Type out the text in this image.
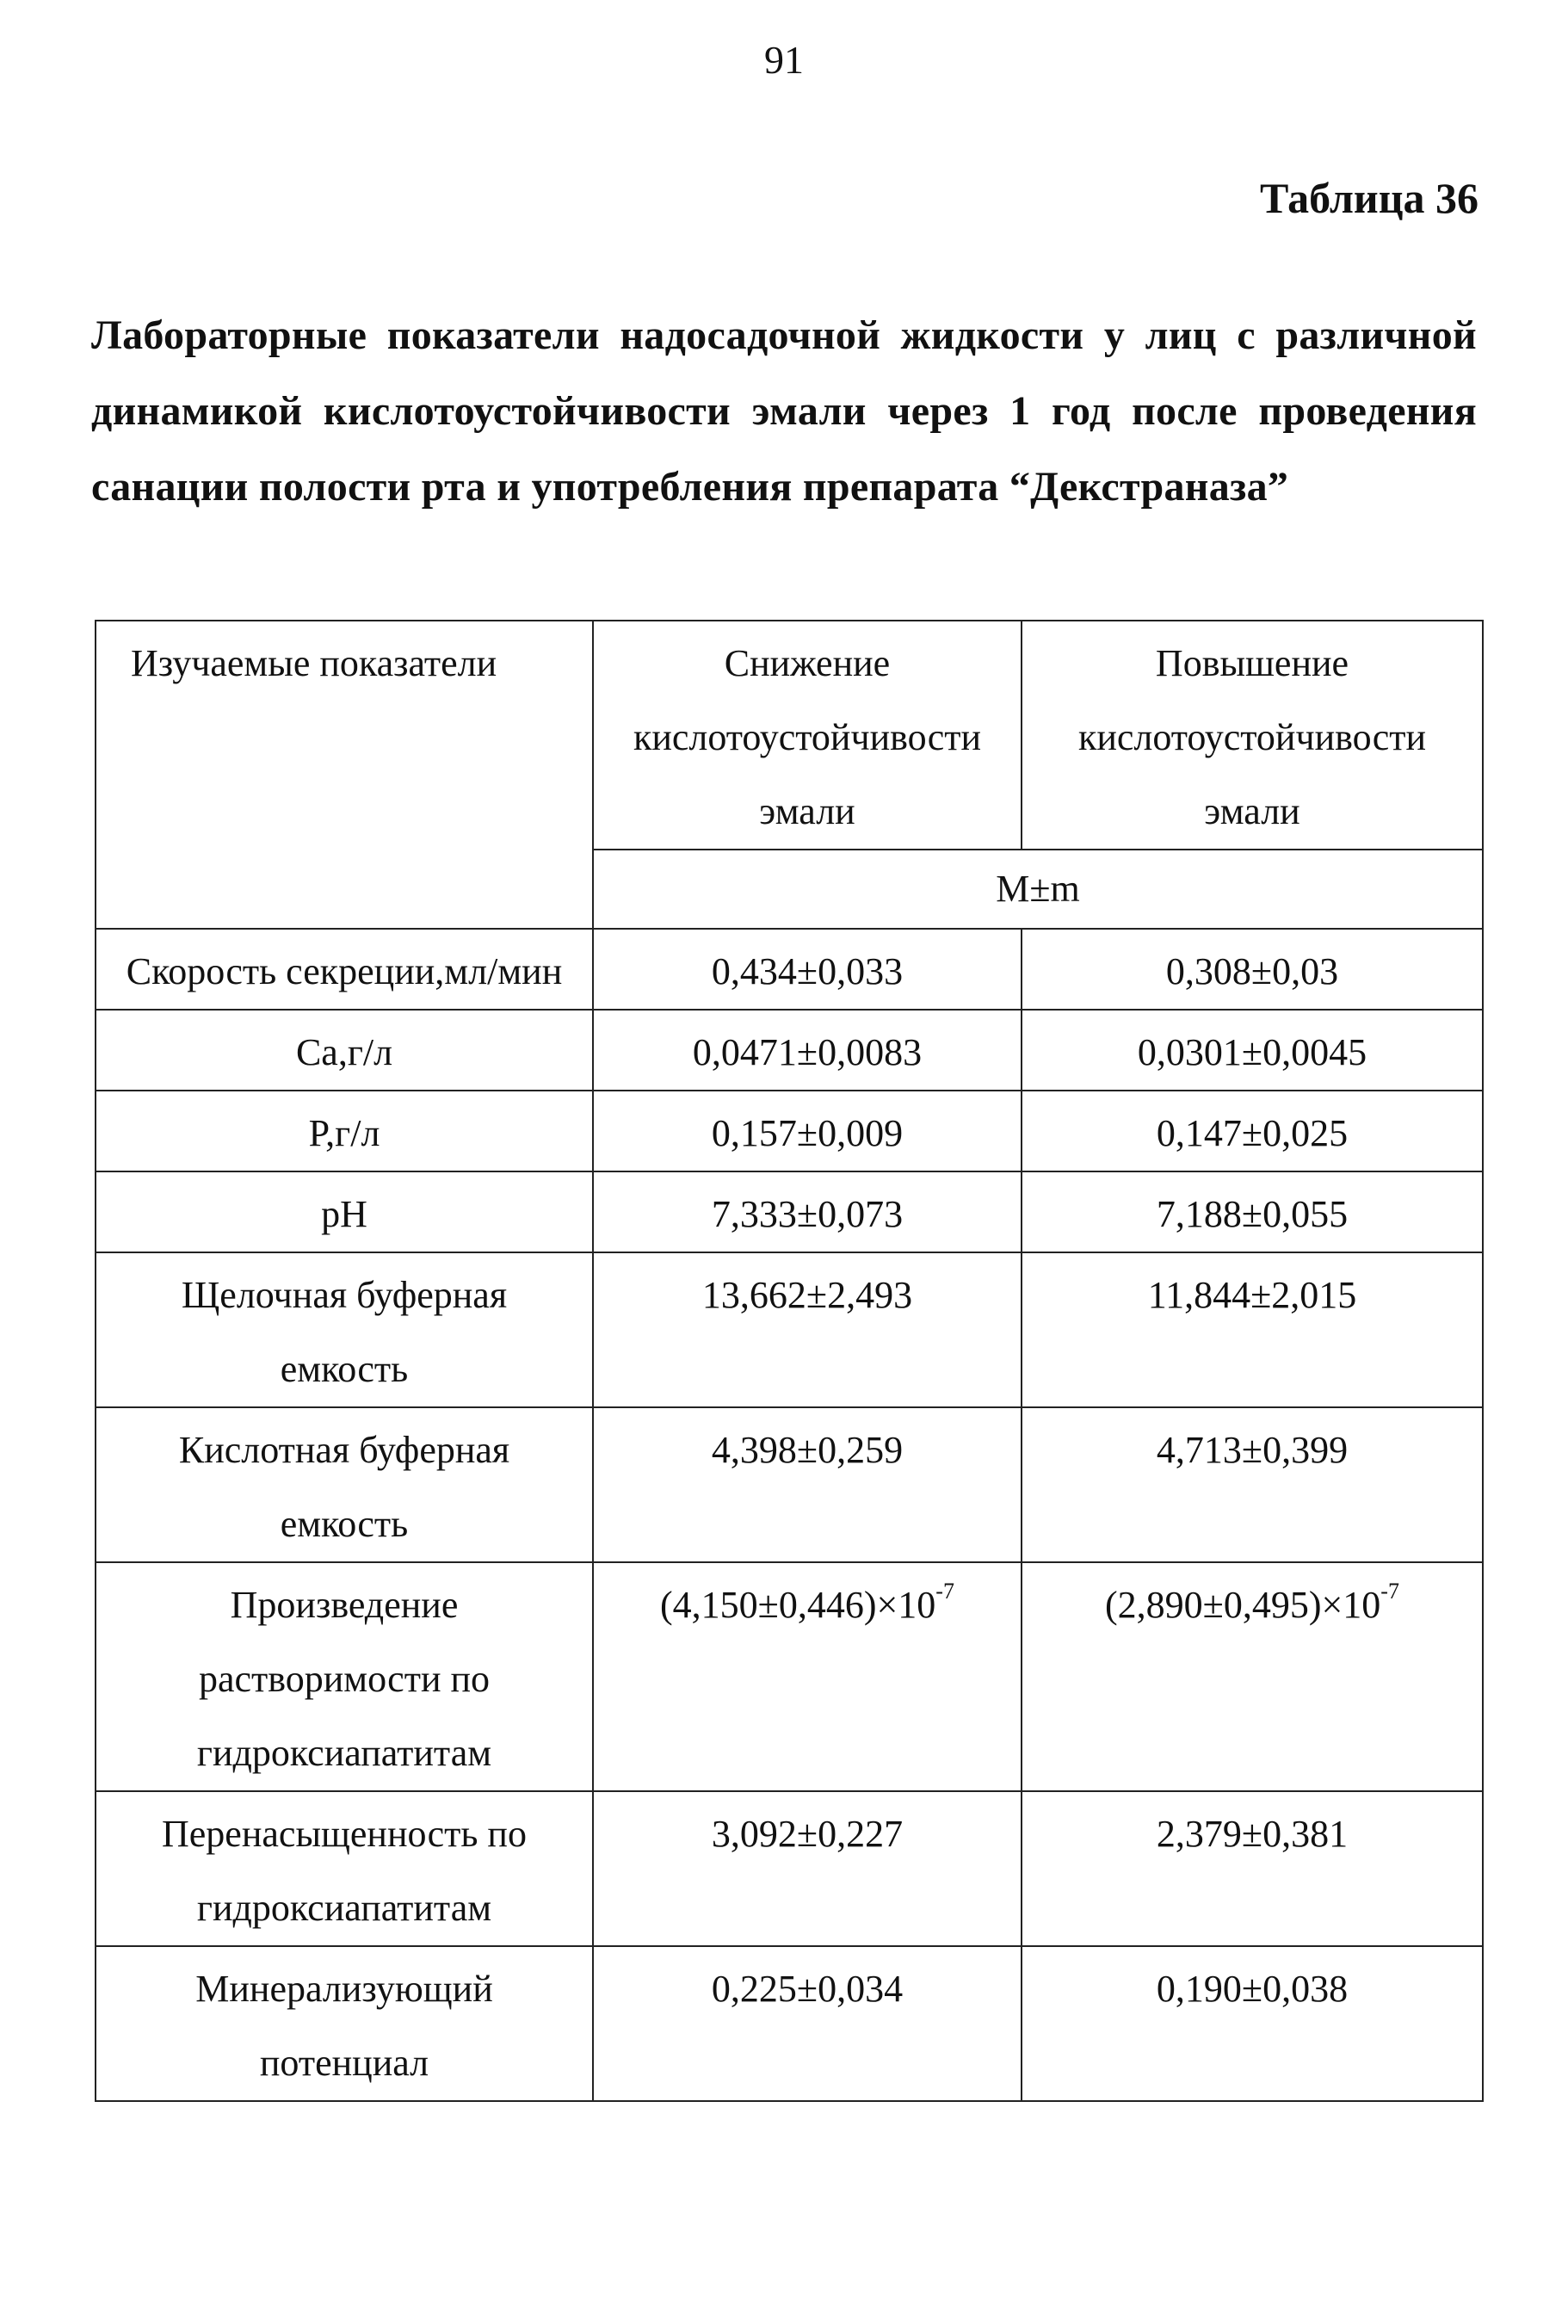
91
Таблица 36
Лабораторные показатели надосадочной жидкости у лиц с различной динамикой кислотоустойчивости эмали через 1 год после проведения санации полости рта и употребления препарата “Декстраназа”
Изучаемые показатели	Снижение кислотоустойчивости эмали	Повышение кислотоустойчивости эмали
	M±m	
Скорость секреции,мл/мин	0,434±0,033	0,308±0,03
Ca,г/л	0,0471±0,0083	0,0301±0,0045
P,г/л	0,157±0,009	0,147±0,025
pH	7,333±0,073	7,188±0,055
Щелочная буферная емкость	13,662±2,493	11,844±2,015
Кислотная буферная емкость	4,398±0,259	4,713±0,399
Произведение растворимости по гидроксиапатитам	$(4,150\pm 0,446)\times 10^{-7}$	$(2,890\pm 0,495)\times 10^{-7}$
Перенасыщенность по гидроксиапатитам	3,092±0,227	2,379±0,381
Минерализующий потенциал	0,225±0,034	0,190±0,038
